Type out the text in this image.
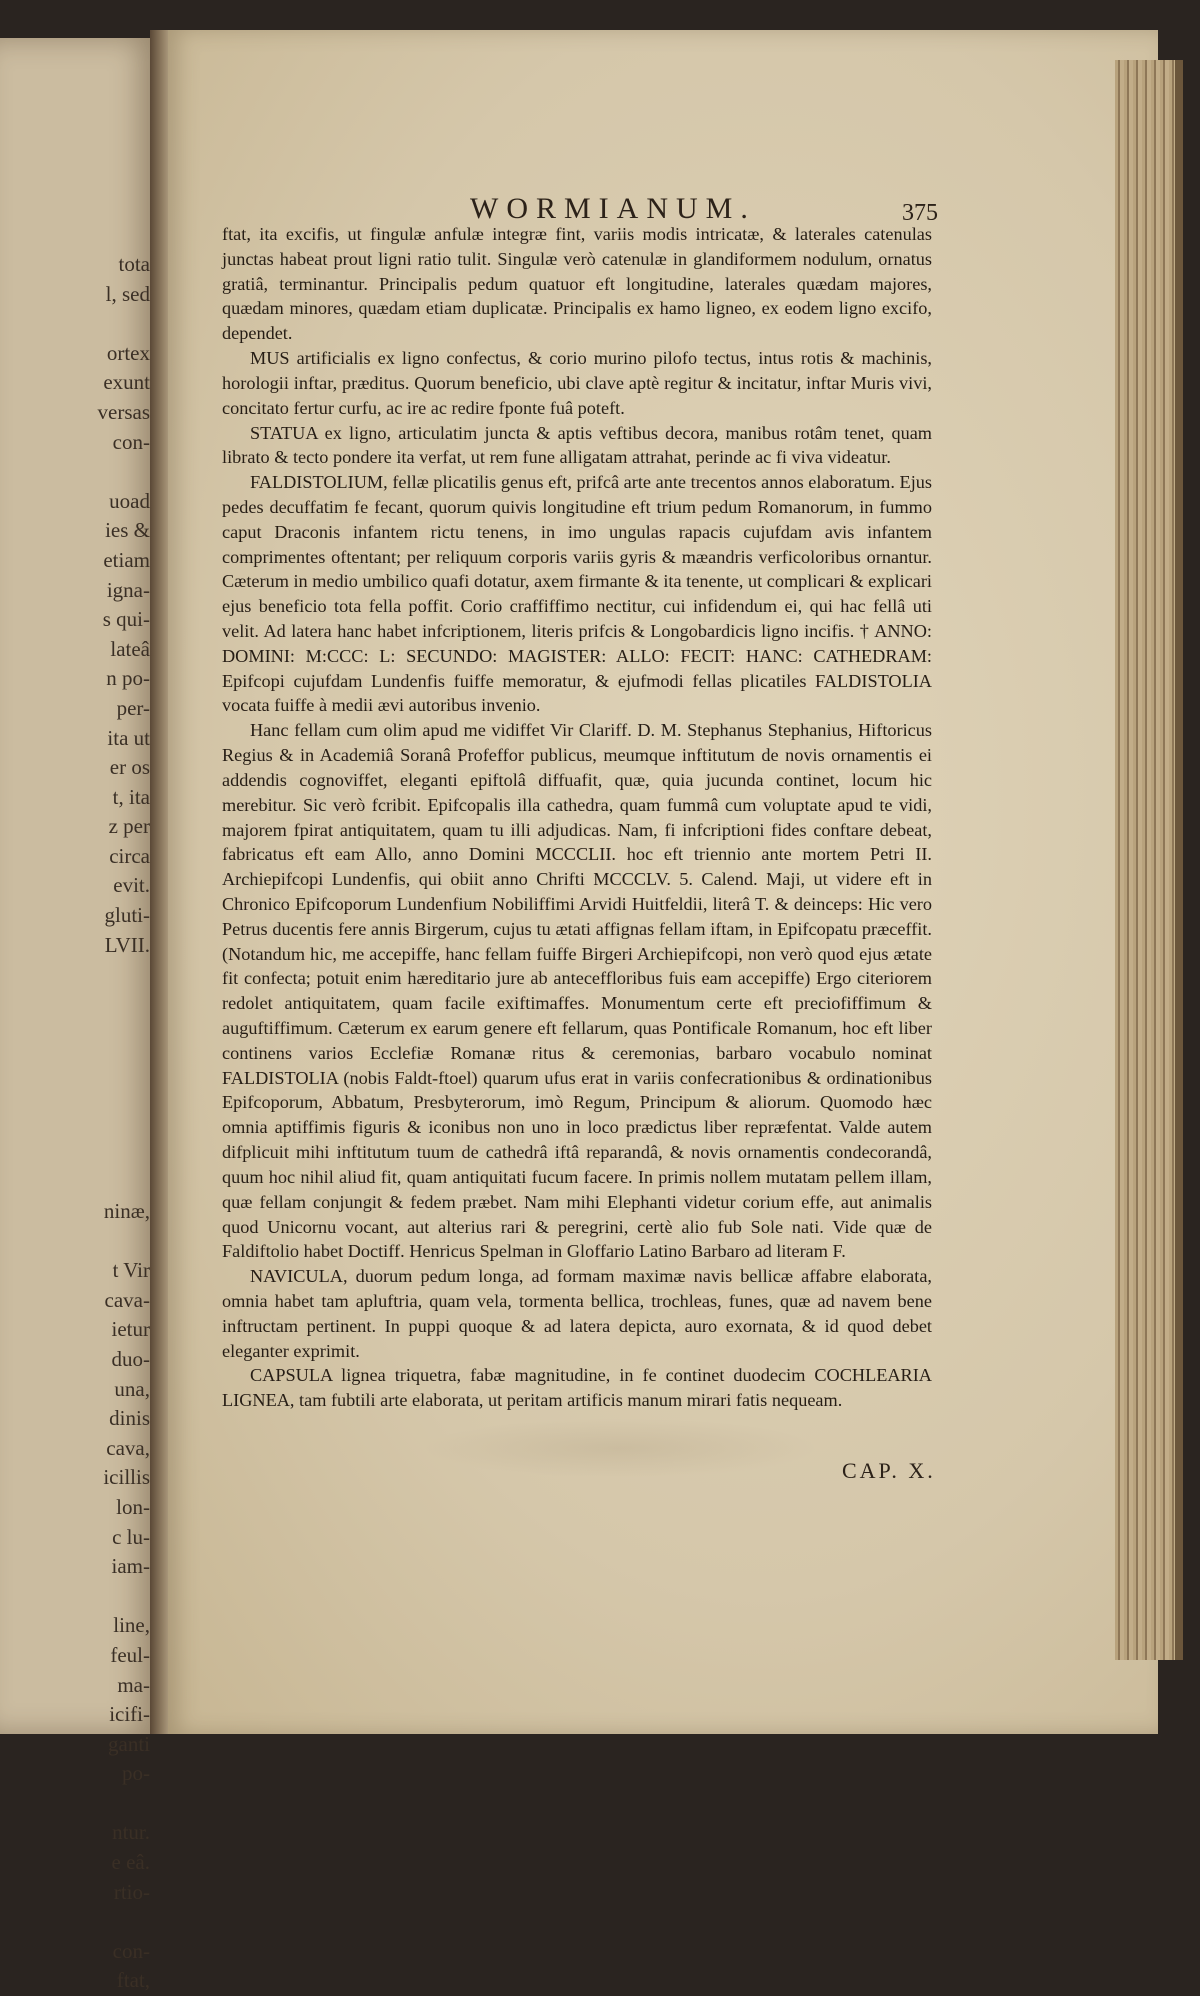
tota
l, sed

ortex
exunt
versas
con-

uoad
ies &
etiam
igna-
s qui-
lateâ
n po-
per-
ita ut
er os
t, ita
z per
circa
evit.
gluti-
LVII.

ninæ,

t Vir
cava-
ietur
duo-
una,
dinis
cava,
icillis
lon-
c lu-
iam-

line,
feul-
ma-
icifi-
ganti
po-

ntur.
e eâ.
rtio-

con-
ftat,
WORMIANUM.	375

ftat, ita excifis, ut fingulæ anfulæ integræ fint, variis modis intricatæ, & laterales catenulas junctas habeat prout ligni ratio tulit. Singulæ verò catenulæ in glandiformem nodulum, ornatus gratiâ, terminantur. Principalis pedum quatuor eft longitudine, laterales quædam majores, quædam minores, quædam etiam duplicatæ. Principalis ex hamo ligneo, ex eodem ligno excifo, dependet.

MUS artificialis ex ligno confectus, & corio murino pilofo tectus, intus rotis & machinis, horologii inftar, præditus. Quorum beneficio, ubi clave aptè regitur & incitatur, inftar Muris vivi, concitato fertur curfu, ac ire ac redire fponte fuâ poteft.

STATUA ex ligno, articulatim juncta & aptis veftibus decora, manibus rotâm tenet, quam librato & tecto pondere ita verfat, ut rem fune alligatam attrahat, perinde ac fi viva videatur.

FALDISTOLIUM, fellæ plicatilis genus eft, prifcâ arte ante trecentos annos elaboratum. Ejus pedes decuffatim fe fecant, quorum quivis longitudine eft trium pedum Romanorum, in fummo caput Draconis infantem rictu tenens, in imo ungulas rapacis cujufdam avis infantem comprimentes oftentant; per reliquum corporis variis gyris & mæandris verficoloribus ornantur. Cæterum in medio umbilico quafi dotatur, axem firmante & ita tenente, ut complicari & explicari ejus beneficio tota fella poffit. Corio craffiffimo nectitur, cui infidendum ei, qui hac fellâ uti velit. Ad latera hanc habet infcriptionem, literis prifcis & Longobardicis ligno incifis. † ANNO: DOMINI: M:CCC: L: SECUNDO: MAGISTER: ALLO: FECIT: HANC: CATHEDRAM: Epifcopi cujufdam Lundenfis fuiffe memoratur, & ejufmodi fellas plicatiles FALDISTOLIA vocata fuiffe à medii ævi autoribus invenio.

Hanc fellam cum olim apud me vidiffet Vir Clariff. D. M. Stephanus Stephanius, Hiftoricus Regius & in Academiâ Soranâ Profeffor publicus, meumque inftitutum de novis ornamentis ei addendis cognoviffet, eleganti epiftolâ diffuafit, quæ, quia jucunda continet, locum hic merebitur. Sic verò fcribit. Epifcopalis illa cathedra, quam fummâ cum voluptate apud te vidi, majorem fpirat antiquitatem, quam tu illi adjudicas. Nam, fi infcriptioni fides conftare debeat, fabricatus eft eam Allo, anno Domini MCCCLII. hoc eft triennio ante mortem Petri II. Archiepifcopi Lundenfis, qui obiit anno Chrifti MCCCLV. 5. Calend. Maji, ut videre eft in Chronico Epifcoporum Lundenfium Nobiliffimi Arvidi Huitfeldii, literâ T. & deinceps: Hic vero Petrus ducentis fere annis Birgerum, cujus tu ætati affignas fellam iftam, in Epifcopatu præceffit. (Notandum hic, me accepiffe, hanc fellam fuiffe Birgeri Archiepifcopi, non verò quod ejus ætate fit confecta; potuit enim hæreditario jure ab anteceffloribus fuis eam accepiffe) Ergo citeriorem redolet antiquitatem, quam facile exiftimaffes. Monumentum certe eft preciofiffimum & auguftiffimum. Cæterum ex earum genere eft fellarum, quas Pontificale Romanum, hoc eft liber continens varios Ecclefiæ Romanæ ritus & ceremonias, barbaro vocabulo nominat FALDISTOLIA (nobis Faldt-ftoel) quarum ufus erat in variis confecrationibus & ordinationibus Epifcoporum, Abbatum, Presbyterorum, imò Regum, Principum & aliorum. Quomodo hæc omnia aptiffimis figuris & iconibus non uno in loco prædictus liber repræfentat. Valde autem difplicuit mihi inftitutum tuum de cathedrâ iftâ reparandâ, & novis ornamentis condecorandâ, quum hoc nihil aliud fit, quam antiquitati fucum facere. In primis nollem mutatam pellem illam, quæ fellam conjungit & fedem præbet. Nam mihi Elephanti videtur corium effe, aut animalis quod Unicornu vocant, aut alterius rari & peregrini, certè alio fub Sole nati. Vide quæ de Faldiftolio habet Doctiff. Henricus Spelman in Gloffario Latino Barbaro ad literam F.

NAVICULA, duorum pedum longa, ad formam maximæ navis bellicæ affabre elaborata, omnia habet tam apluftria, quam vela, tormenta bellica, trochleas, funes, quæ ad navem bene inftructam pertinent. In puppi quoque & ad latera depicta, auro exornata, & id quod debet eleganter exprimit.

CAPSULA lignea triquetra, fabæ magnitudine, in fe continet duodecim COCHLEARIA LIGNEA, tam fubtili arte elaborata, ut peritam artificis manum mirari fatis nequeam.

CAP. X.
